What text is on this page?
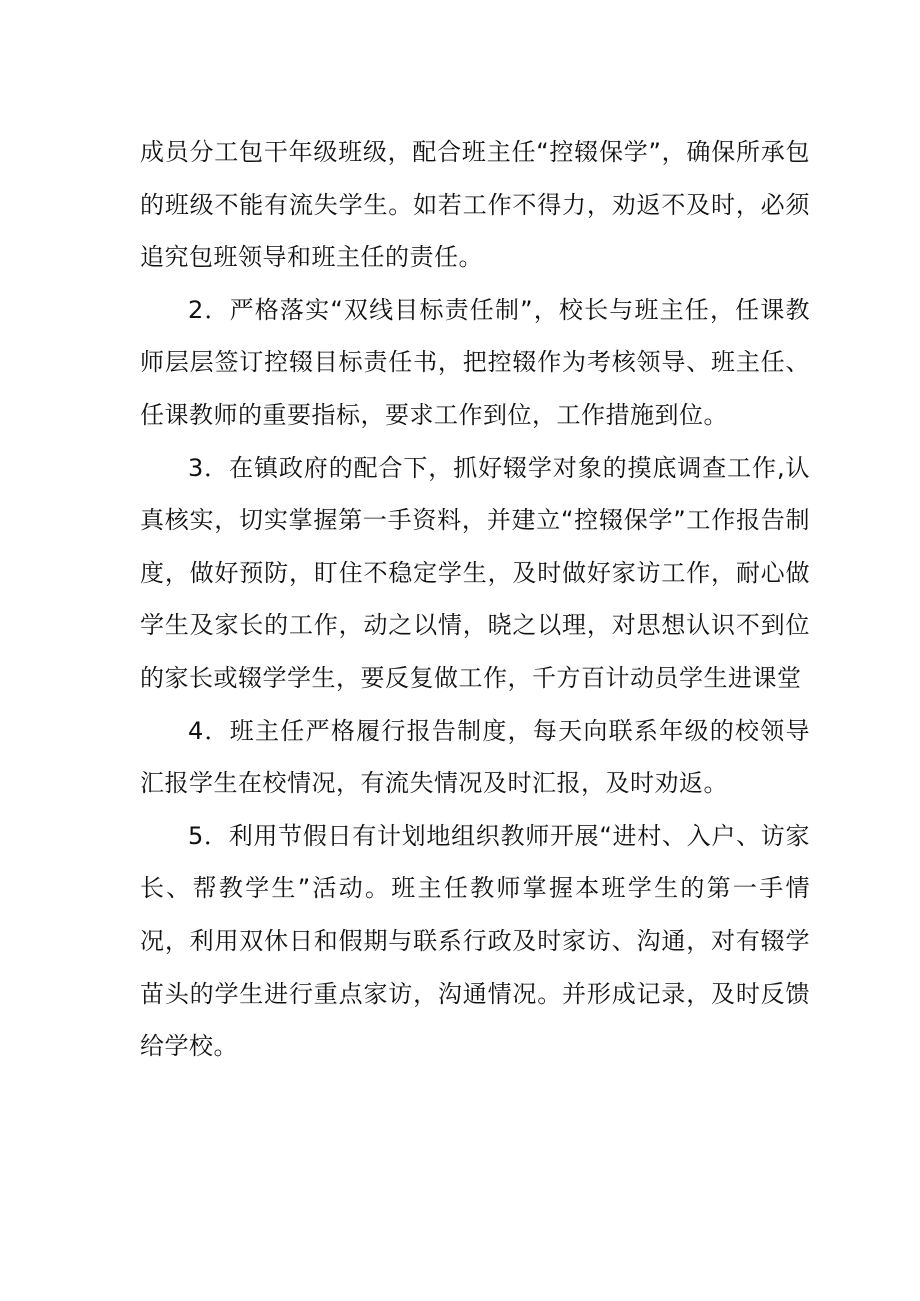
成员分工包干年级班级，配合班主任“控辍保学”，确保所承包的班级不能有流失学生。如若工作不得力，劝返不及时，必须追究包班领导和班主任的责任。

2．严格落实“双线目标责任制”，校长与班主任，任课教师层层签订控辍目标责任书，把控辍作为考核领导、班主任、任课教师的重要指标，要求工作到位，工作措施到位。

3．在镇政府的配合下，抓好辍学对象的摸底调查工作,认真核实，切实掌握第一手资料，并建立“控辍保学”工作报告制度，做好预防，盯住不稳定学生，及时做好家访工作，耐心做学生及家长的工作，动之以情，晓之以理，对思想认识不到位的家长或辍学学生，要反复做工作，千方百计动员学生进课堂

4．班主任严格履行报告制度，每天向联系年级的校领导汇报学生在校情况，有流失情况及时汇报，及时劝返。

5．利用节假日有计划地组织教师开展“进村、入户、访家长、帮教学生”活动。班主任教师掌握本班学生的第一手情况，利用双休日和假期与联系行政及时家访、沟通，对有辍学苗头的学生进行重点家访，沟通情况。并形成记录，及时反馈给学校。
